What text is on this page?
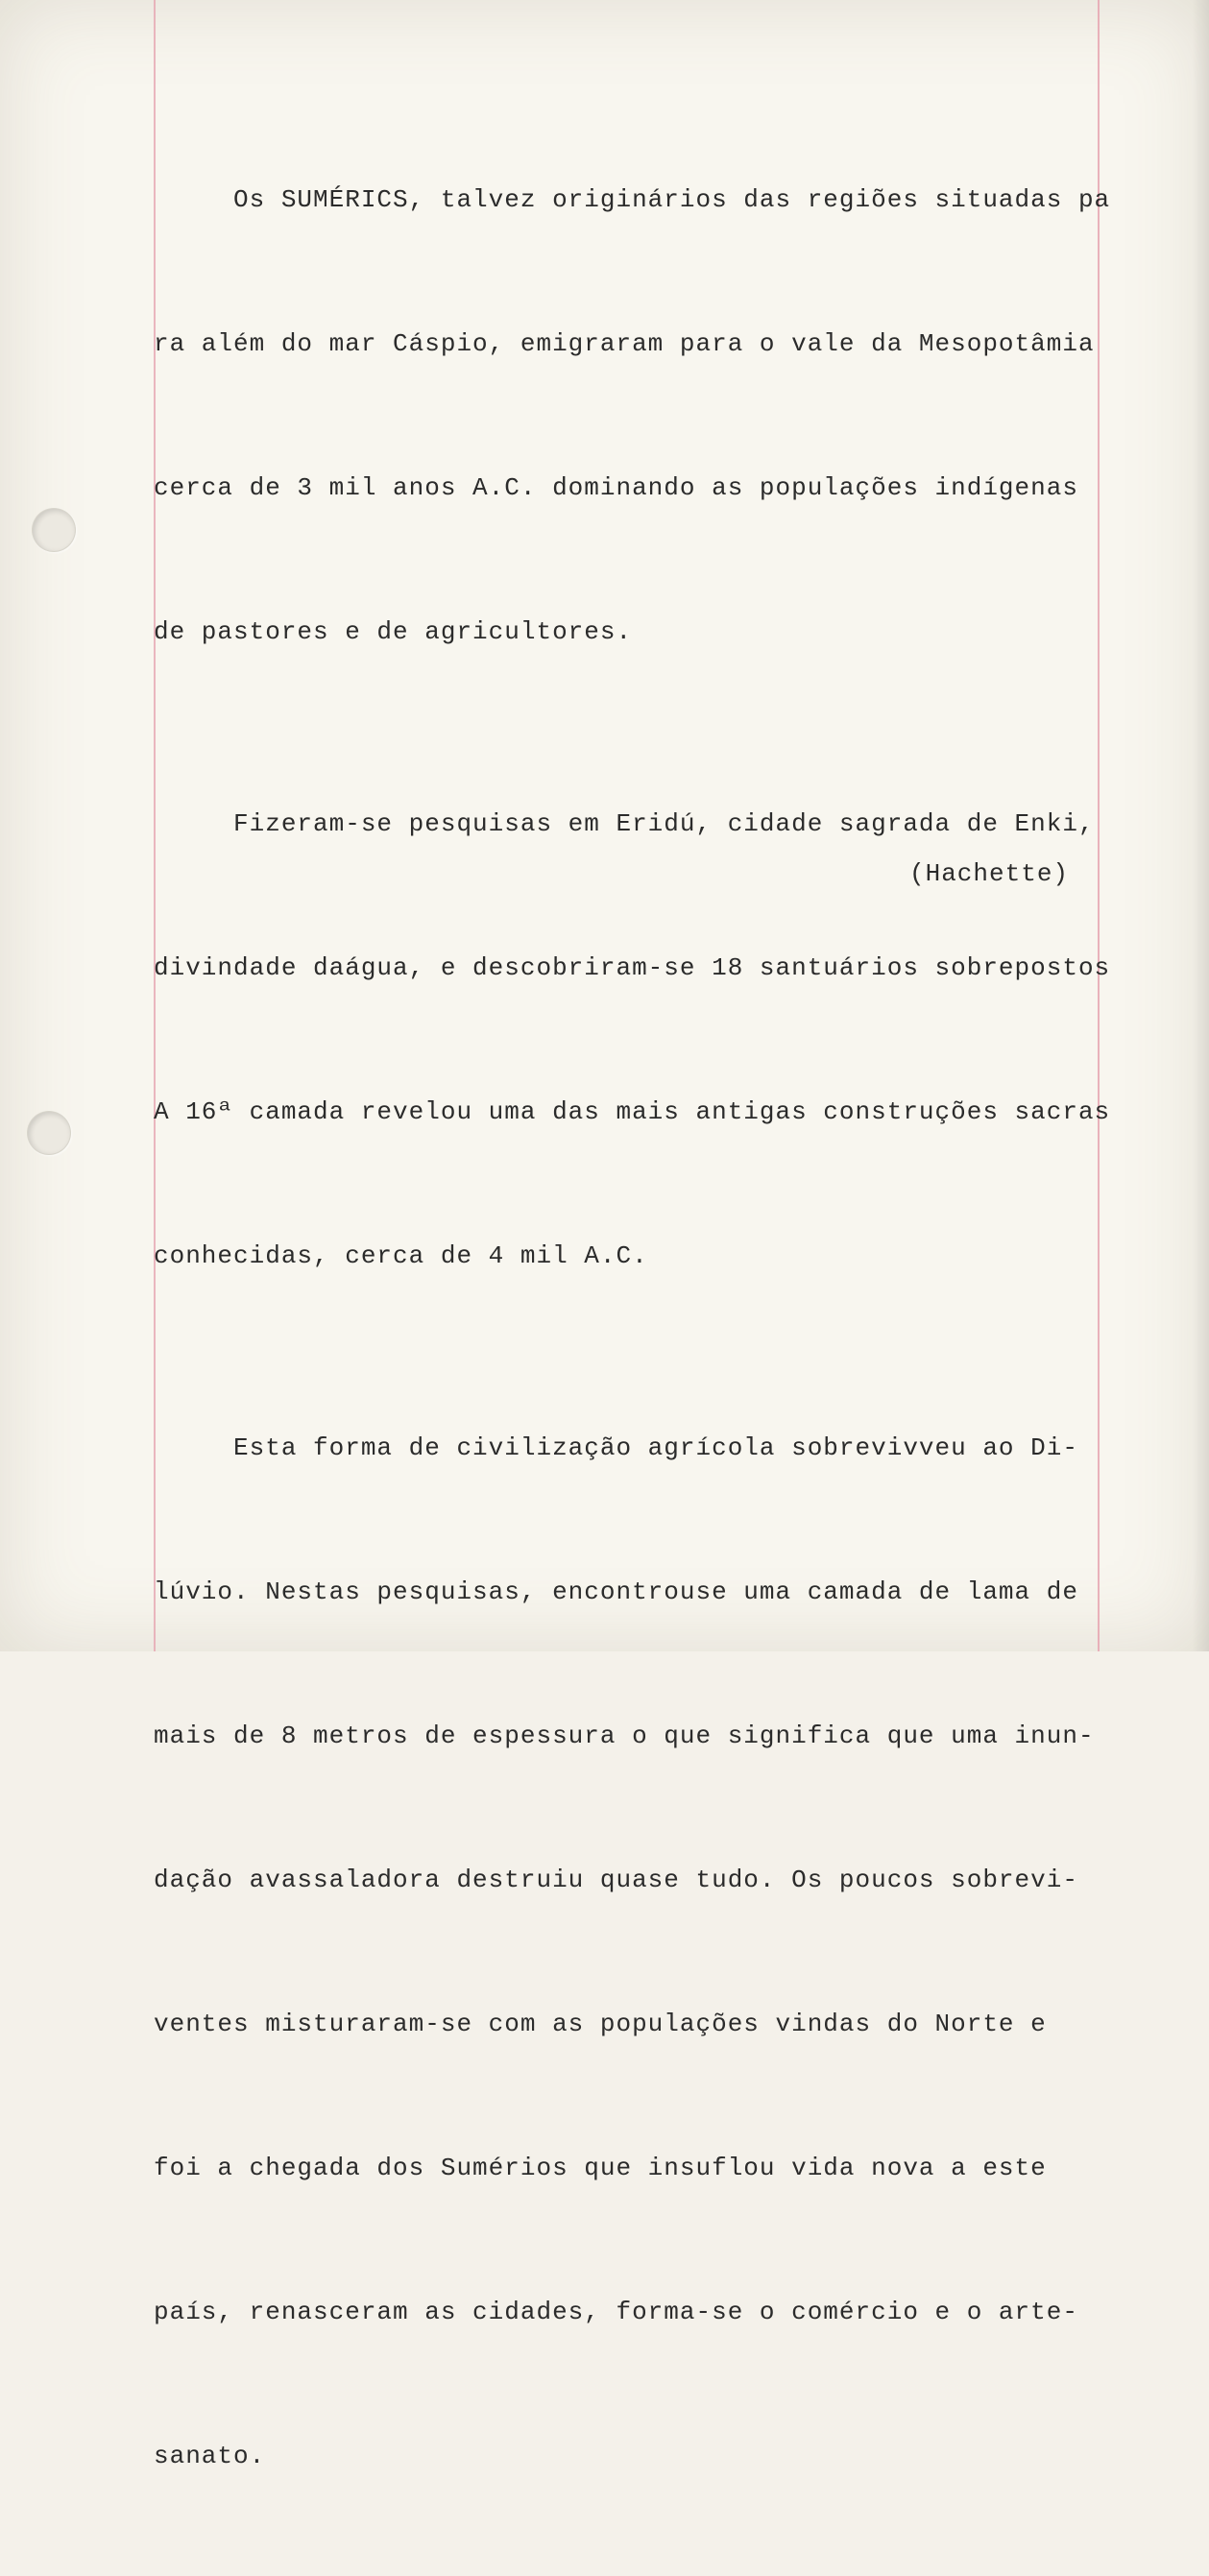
Os SUMÉRICS, talvez originários das regiões situadas pa

ra além do mar Cáspio, emigraram para o vale da Mesopotâmia

cerca de 3 mil anos A.C. dominando as populações indígenas

de pastores e de agricultores.

Fizeram-se pesquisas em Eridú, cidade sagrada de Enki,

divindade daágua, e descobriram-se 18 santuários sobrepostos

A 16ª camada revelou uma das mais antigas construções sacras

conhecidas, cerca de 4 mil A.C.

Esta forma de civilização agrícola sobrevivveu ao Di-

lúvio. Nestas pesquisas, encontrouse uma camada de lama de

mais de 8 metros de espessura o que significa que uma inun-

dação avassaladora destruiu quase tudo. Os poucos sobrevi-

ventes misturaram-se com as populações vindas do Norte e

foi a chegada dos Sumérios que insuflou vida nova a este

país, renasceram as cidades, forma-se o comércio e o arte-

sanato.

(Hachette)
